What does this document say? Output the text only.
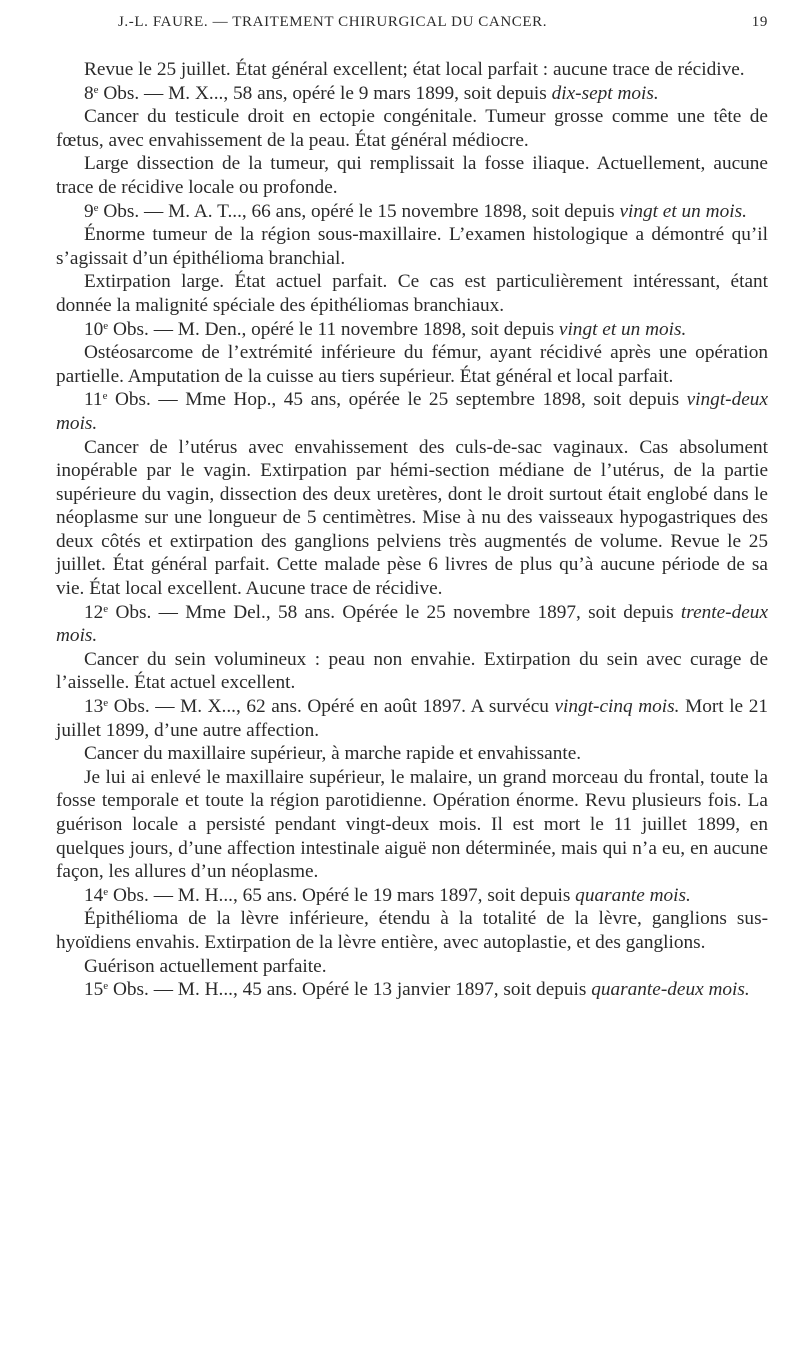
J.-L. FAURE. — TRAITEMENT CHIRURGICAL DU CANCER.	19

Revue le 25 juillet. État général excellent; état local parfait : aucune trace de récidive.

8e Obs. — M. X..., 58 ans, opéré le 9 mars 1899, soit depuis dix-sept mois.

Cancer du testicule droit en ectopie congénitale. Tumeur grosse comme une tête de fœtus, avec envahissement de la peau. État général médiocre.

Large dissection de la tumeur, qui remplissait la fosse iliaque. Actuellement, aucune trace de récidive locale ou profonde.

9e Obs. — M. A. T..., 66 ans, opéré le 15 novembre 1898, soit depuis vingt et un mois.

Énorme tumeur de la région sous-maxillaire. L’examen histologique a démontré qu’il s’agissait d’un épithélioma branchial.

Extirpation large. État actuel parfait. Ce cas est particulièrement intéressant, étant donnée la malignité spéciale des épithéliomas branchiaux.

10e Obs. — M. Den., opéré le 11 novembre 1898, soit depuis vingt et un mois.

Ostéosarcome de l’extrémité inférieure du fémur, ayant récidivé après une opération partielle. Amputation de la cuisse au tiers supérieur. État général et local parfait.

11e Obs. — Mme Hop., 45 ans, opérée le 25 septembre 1898, soit depuis vingt-deux mois.

Cancer de l’utérus avec envahissement des culs-de-sac vaginaux. Cas absolument inopérable par le vagin. Extirpation par hémi-section médiane de l’utérus, de la partie supérieure du vagin, dissection des deux uretères, dont le droit surtout était englobé dans le néoplasme sur une longueur de 5 centimètres. Mise à nu des vaisseaux hypogastriques des deux côtés et extirpation des ganglions pelviens très augmentés de volume. Revue le 25 juillet. État général parfait. Cette malade pèse 6 livres de plus qu’à aucune période de sa vie. État local excellent. Aucune trace de récidive.

12e Obs. — Mme Del., 58 ans. Opérée le 25 novembre 1897, soit depuis trente-deux mois.

Cancer du sein volumineux : peau non envahie. Extirpation du sein avec curage de l’aisselle. État actuel excellent.

13e Obs. — M. X..., 62 ans. Opéré en août 1897. A survécu vingt-cinq mois. Mort le 21 juillet 1899, d’une autre affection.

Cancer du maxillaire supérieur, à marche rapide et envahissante.

Je lui ai enlevé le maxillaire supérieur, le malaire, un grand morceau du frontal, toute la fosse temporale et toute la région parotidienne. Opération énorme. Revu plusieurs fois. La guérison locale a persisté pendant vingt-deux mois. Il est mort le 11 juillet 1899, en quelques jours, d’une affection intestinale aiguë non déterminée, mais qui n’a eu, en aucune façon, les allures d’un néoplasme.

14e Obs. — M. H..., 65 ans. Opéré le 19 mars 1897, soit depuis quarante mois.

Épithélioma de la lèvre inférieure, étendu à la totalité de la lèvre, ganglions sus-hyoïdiens envahis. Extirpation de la lèvre entière, avec autoplastie, et des ganglions.

Guérison actuellement parfaite.

15e Obs. — M. H..., 45 ans. Opéré le 13 janvier 1897, soit depuis quarante-deux mois.
